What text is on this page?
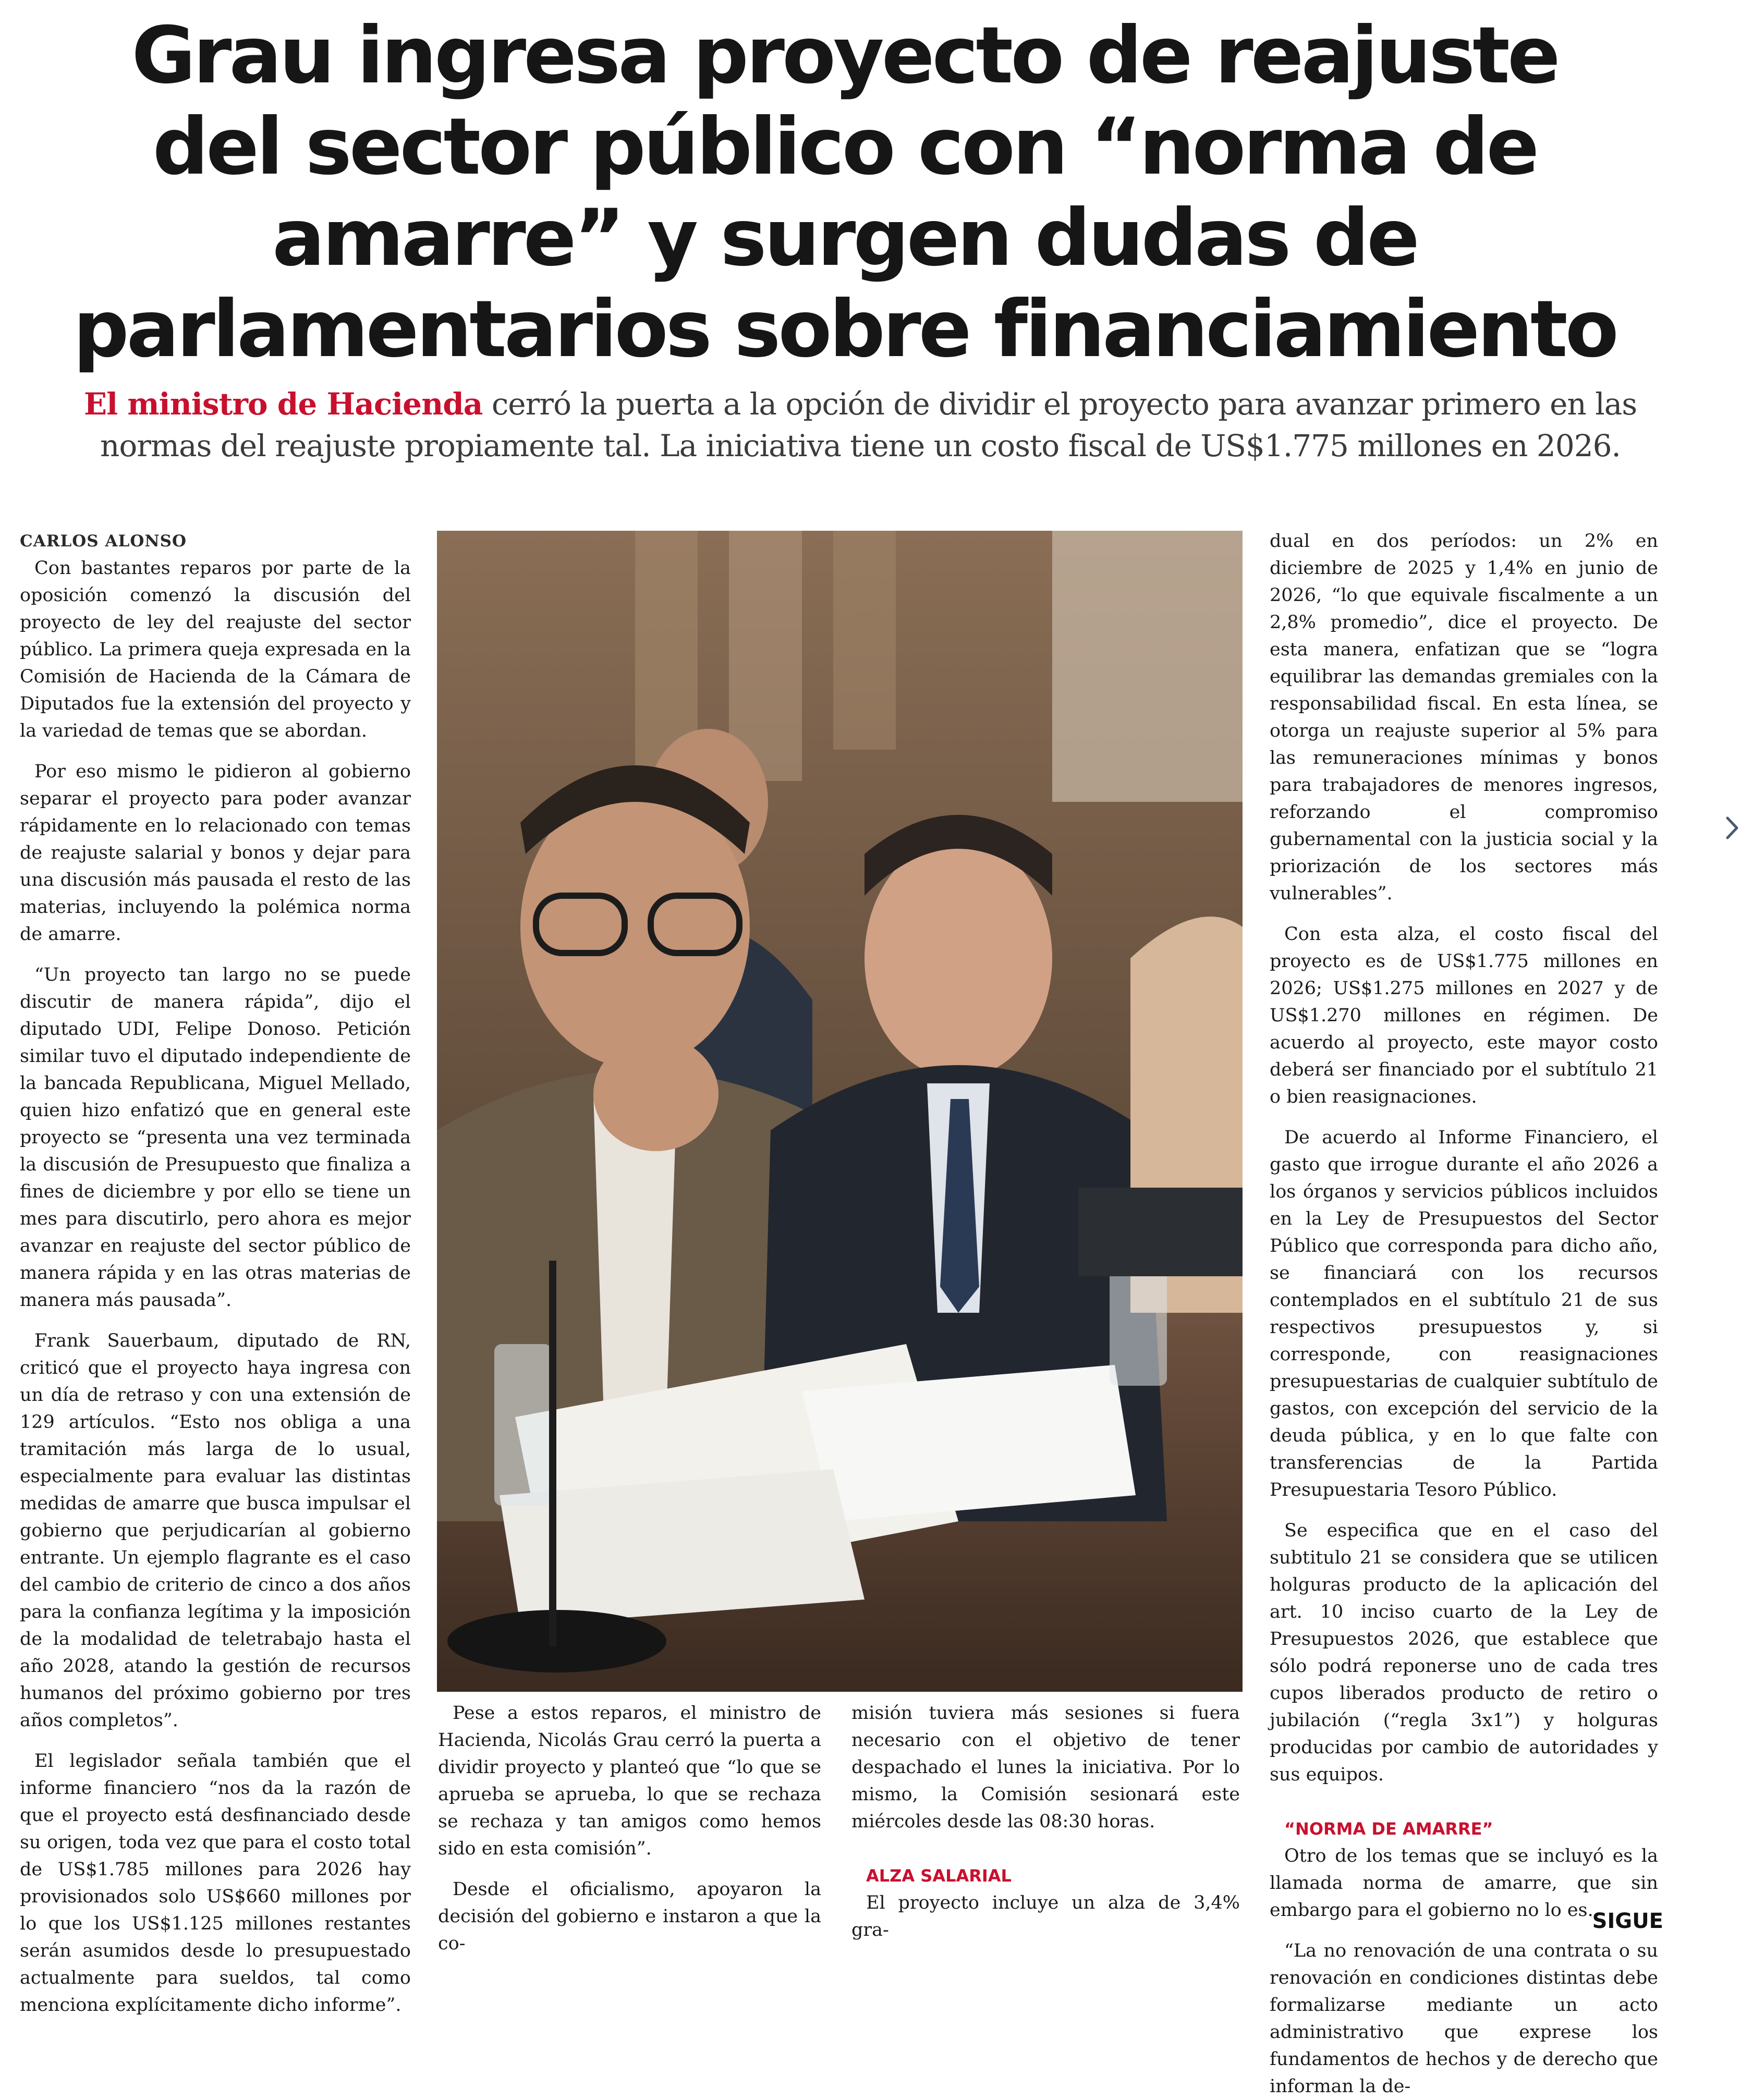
Grau ingresa proyecto de reajuste del sector público con “norma de amarre” y surgen dudas de parlamentarios sobre financiamiento

El ministro de Hacienda cerró la puerta a la opción de dividir el proyecto para avanzar primero en las normas del reajuste propiamente tal. La iniciativa tiene un costo fiscal de US$1.775 millones en 2026.

CARLOS ALONSO

Con bastantes reparos por parte de la oposición comenzó la discusión del proyecto de ley del reajuste del sector público. La primera queja expresada en la Comisión de Hacienda de la Cámara de Diputados fue la extensión del proyecto y la variedad de temas que se abordan.

Por eso mismo le pidieron al gobierno separar el proyecto para poder avanzar rápidamente en lo relacionado con temas de reajuste salarial y bonos y dejar para una discusión más pausada el resto de las materias, incluyendo la polémica norma de amarre.

“Un proyecto tan largo no se puede discutir de manera rápida”, dijo el diputado UDI, Felipe Donoso. Petición similar tuvo el diputado independiente de la bancada Republicana, Miguel Mellado, quien hizo enfatizó que en general este proyecto se “presenta una vez terminada la discusión de Presupuesto que finaliza a fines de diciembre y por ello se tiene un mes para discutirlo, pero ahora es mejor avanzar en reajuste del sector público de manera rápida y en las otras materias de manera más pausada”.

Frank Sauerbaum, diputado de RN, criticó que el proyecto haya ingresa con un día de retraso y con una extensión de 129 artículos. “Esto nos obliga a una tramitación más larga de lo usual, especialmente para evaluar las distintas medidas de amarre que busca impulsar el gobierno que perjudicarían al gobierno entrante. Un ejemplo flagrante es el caso del cambio de criterio de cinco a dos años para la confianza legítima y la imposición de la modalidad de teletrabajo hasta el año 2028, atando la gestión de recursos humanos del próximo gobierno por tres años completos”.

El legislador señala también que el informe financiero “nos da la razón de que el proyecto está desfinanciado desde su origen, toda vez que para el costo total de US$1.785 millones para 2026 hay provisionados solo US$660 millones por lo que los US$1.125 millones restantes serán asumidos desde lo presupuestado actualmente para sueldos, tal como menciona explícitamente dicho informe”.

Pese a estos reparos, el ministro de Hacienda, Nicolás Grau cerró la puerta a dividir proyecto y planteó que “lo que se aprueba se aprueba, lo que se rechaza se rechaza y tan amigos como hemos sido en esta comisión”.

Desde el oficialismo, apoyaron la decisión del gobierno e instaron a que la co-

misión tuviera más sesiones si fuera necesario con el objetivo de tener despachado el lunes la iniciativa. Por lo mismo, la Comisión sesionará este miércoles desde las 08:30 horas.

ALZA SALARIAL

El proyecto incluye un alza de 3,4% gra-

dual en dos períodos: un 2% en diciembre de 2025 y 1,4% en junio de 2026, “lo que equivale fiscalmente a un 2,8% promedio”, dice el proyecto. De esta manera, enfatizan que se “logra equilibrar las demandas gremiales con la responsabilidad fiscal. En esta línea, se otorga un reajuste superior al 5% para las remuneraciones mínimas y bonos para trabajadores de menores ingresos, reforzando el compromiso gubernamental con la justicia social y la priorización de los sectores más vulnerables”.

Con esta alza, el costo fiscal del proyecto es de US$1.775 millones en 2026; US$1.275 millones en 2027 y de US$1.270 millones en régimen. De acuerdo al proyecto, este mayor costo deberá ser financiado por el subtítulo 21 o bien reasignaciones.

De acuerdo al Informe Financiero, el gasto que irrogue durante el año 2026 a los órganos y servicios públicos incluidos en la Ley de Presupuestos del Sector Público que corresponda para dicho año, se financiará con los recursos contemplados en el subtítulo 21 de sus respectivos presupuestos y, si corresponde, con reasignaciones presupuestarias de cualquier subtítulo de gastos, con excepción del servicio de la deuda pública, y en lo que falte con transferencias de la Partida Presupuestaria Tesoro Público.

Se especifica que en el caso del subtitulo 21 se considera que se utilicen holguras producto de la aplicación del art. 10 inciso cuarto de la Ley de Presupuestos 2026, que establece que sólo podrá reponerse uno de cada tres cupos liberados producto de retiro o jubilación (“regla 3x1”) y holguras producidas por cambio de autoridades y sus equipos.

“NORMA DE AMARRE”

Otro de los temas que se incluyó es la llamada norma de amarre, que sin embargo para el gobierno no lo es.

“La no renovación de una contrata o su renovación en condiciones distintas debe formalizarse mediante un acto administrativo que exprese los fundamentos de hechos y de derecho que informan la de-

SIGUE
